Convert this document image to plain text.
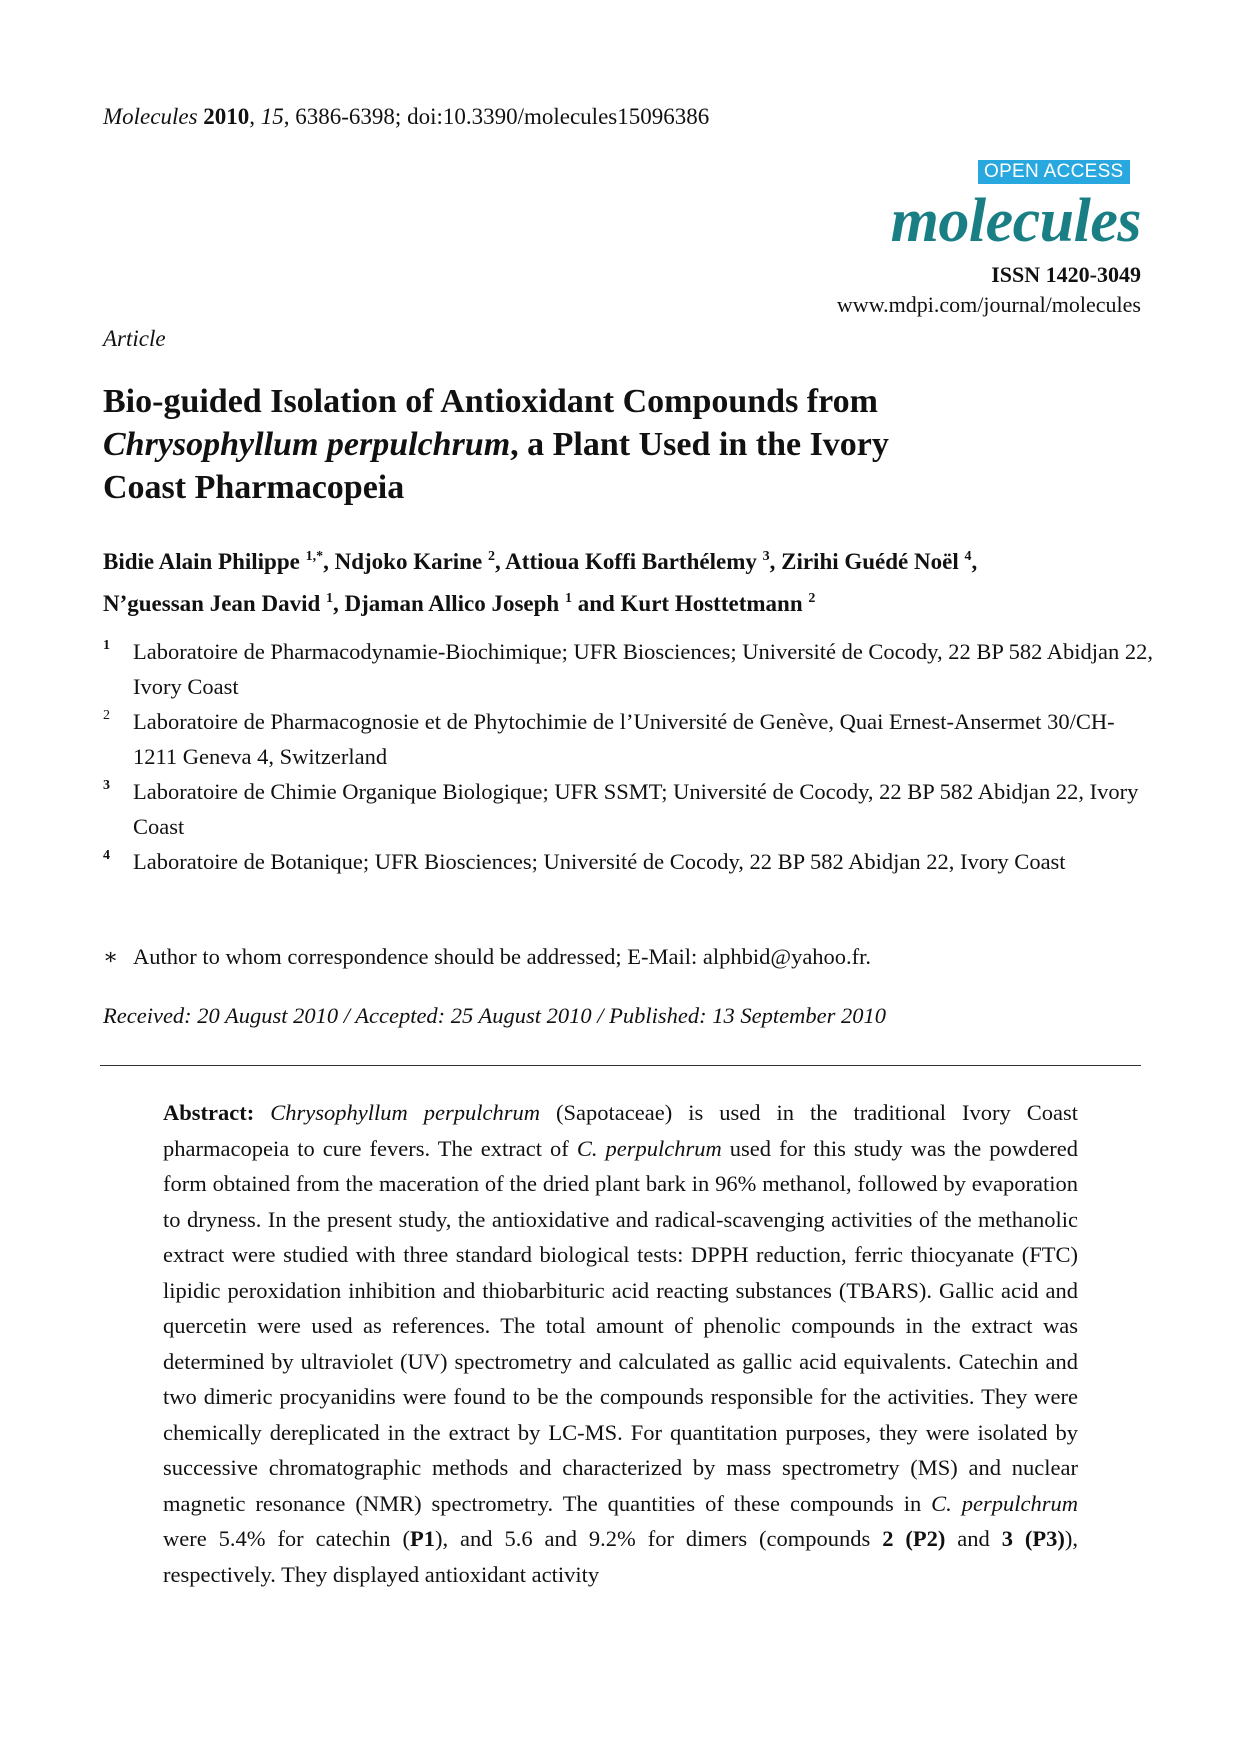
Molecules 2010, 15, 6386-6398; doi:10.3390/molecules15096386
OPEN ACCESS
molecules
ISSN 1420-3049
www.mdpi.com/journal/molecules
Article
Bio-guided Isolation of Antioxidant Compounds from
Chrysophyllum perpulchrum, a Plant Used in the Ivory
Coast Pharmacopeia
Bidie Alain Philippe $^{1,*}$, Ndjoko Karine $^2$, Attioua Koffi Barthélemy $^3$, Zirihi Guédé Noël $^4$,
N’guessan Jean David $^1$, Djaman Allico Joseph $^1$ and Kurt Hosttetmann $^2$
1 Laboratoire de Pharmacodynamie-Biochimique; UFR Biosciences; Université de Cocody, 22 BP 582 Abidjan 22, Ivory Coast
2 Laboratoire de Pharmacognosie et de Phytochimie de l’Université de Genève, Quai Ernest-Ansermet 30/CH-1211 Geneva 4, Switzerland
3 Laboratoire de Chimie Organique Biologique; UFR SSMT; Université de Cocody, 22 BP 582 Abidjan 22, Ivory Coast
4 Laboratoire de Botanique; UFR Biosciences; Université de Cocody, 22 BP 582 Abidjan 22, Ivory Coast
∗ Author to whom correspondence should be addressed; E-Mail: alphbid@yahoo.fr.
Received: 20 August 2010 / Accepted: 25 August 2010 / Published: 13 September 2010
Abstract: Chrysophyllum perpulchrum (Sapotaceae) is used in the traditional Ivory Coast pharmacopeia to cure fevers. The extract of C. perpulchrum used for this study was the powdered form obtained from the maceration of the dried plant bark in 96% methanol, followed by evaporation to dryness. In the present study, the antioxidative and radical-scavenging activities of the methanolic extract were studied with three standard biological tests: DPPH reduction, ferric thiocyanate (FTC) lipidic peroxidation inhibition and thiobarbituric acid reacting substances (TBARS). Gallic acid and quercetin were used as references. The total amount of phenolic compounds in the extract was determined by ultraviolet (UV) spectrometry and calculated as gallic acid equivalents. Catechin and two dimeric procyanidins were found to be the compounds responsible for the activities. They were chemically dereplicated in the extract by LC-MS. For quantitation purposes, they were isolated by successive chromatographic methods and characterized by mass spectrometry (MS) and nuclear magnetic resonance (NMR) spectrometry. The quantities of these compounds in C. perpulchrum were 5.4% for catechin (P1), and 5.6 and 9.2% for dimers (compounds 2 (P2) and 3 (P3)), respectively. They displayed antioxidant activity
